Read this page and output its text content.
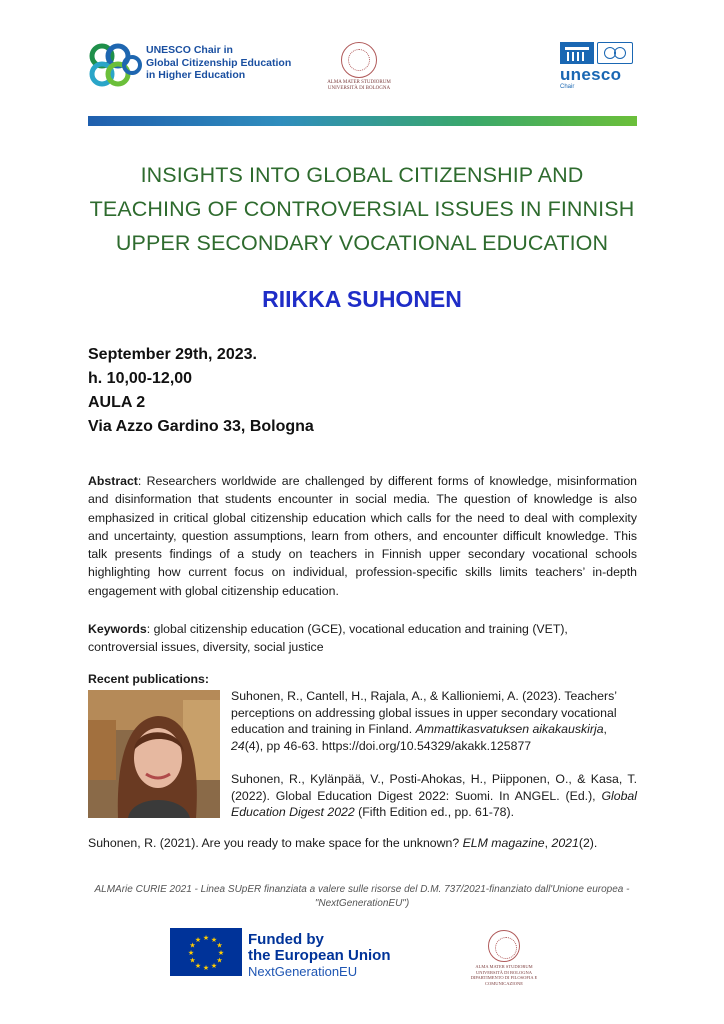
UNESCO Chair in
Global Citizenship Education
in Higher Education
ALMA MATER STUDIORUM
UNIVERSITÀ DI BOLOGNA
unesco
Chair
INSIGHTS INTO GLOBAL CITIZENSHIP AND
TEACHING OF CONTROVERSIAL ISSUES IN FINNISH
UPPER SECONDARY VOCATIONAL EDUCATION
RIIKKA SUHONEN
September 29th, 2023.
h. 10,00-12,00
AULA 2
Via Azzo Gardino 33, Bologna
Abstract: Researchers worldwide are challenged by different forms of knowledge, misinformation and disinformation that students encounter in social media. The question of knowledge is also emphasized in critical global citizenship education which calls for the need to deal with complexity and uncertainty, question assumptions, learn from others, and encounter difficult knowledge. This talk presents findings of a study on teachers in Finnish upper secondary vocational schools highlighting how current focus on individual, profession-specific skills limits teachers’ in-depth engagement with global citizenship education.
Keywords: global citizenship education (GCE), vocational education and training (VET), controversial issues, diversity, social justice
Recent publications:
Suhonen, R., Cantell, H., Rajala, A., & Kallioniemi, A. (2023). Teachers’ perceptions on addressing global issues in upper secondary vocational education and training in Finland. Ammattikasvatuksen aikakauskirja, 24(4), pp 46-63. https://doi.org/10.54329/akakk.125877
Suhonen, R., Kylänpää, V., Posti-Ahokas, H., Piipponen, O., & Kasa, T. (2022). Global Education Digest 2022: Suomi. In ANGEL. (Ed.), Global Education Digest 2022 (Fifth Edition ed., pp. 61-78).
Suhonen, R. (2021). Are you ready to make space for the unknown? ELM magazine, 2021(2).
ALMArie CURIE 2021 - Linea SUpER finanziata a valere sulle risorse del D.M. 737/2021-finanziato dall'Unione europea - "NextGenerationEU")
★ ★
★
★
★
★
★
★
★
★
★
★	Funded by
the European Union
NextGenerationEU	ALMA MATER STUDIORUM
UNIVERSITÀ DI BOLOGNA
DIPARTIMENTO DI FILOSOFIA E COMUNICAZIONE
